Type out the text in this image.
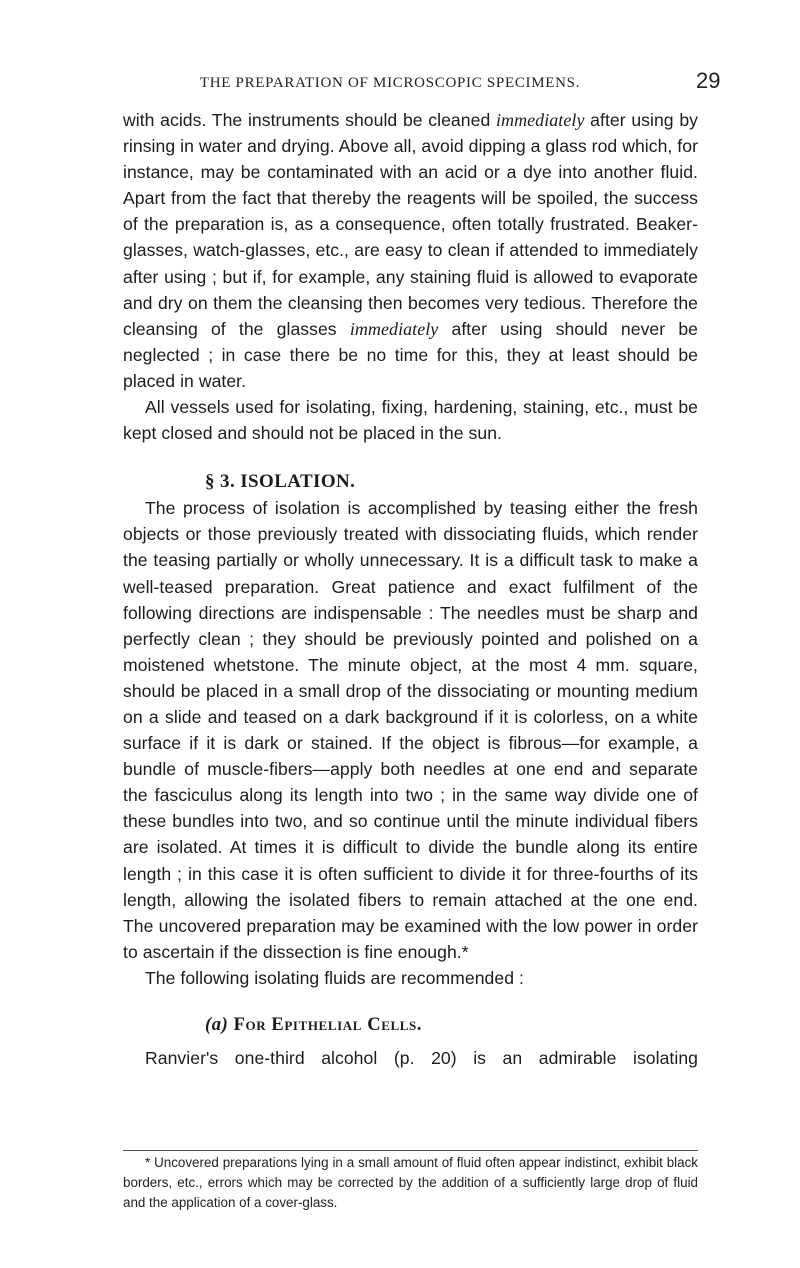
THE PREPARATION OF MICROSCOPIC SPECIMENS.	29

with acids. The instruments should be cleaned immediately after using by rinsing in water and drying. Above all, avoid dipping a glass rod which, for instance, may be contaminated with an acid or a dye into another fluid. Apart from the fact that thereby the reagents will be spoiled, the success of the preparation is, as a consequence, often totally frustrated. Beaker-glasses, watch-glasses, etc., are easy to clean if attended to immediately after using ; but if, for example, any staining fluid is allowed to evaporate and dry on them the cleansing then becomes very tedious. Therefore the cleansing of the glasses immediately after using should never be neglected ; in case there be no time for this, they at least should be placed in water.

All vessels used for isolating, fixing, hardening, staining, etc., must be kept closed and should not be placed in the sun.

§ 3. ISOLATION.

The process of isolation is accomplished by teasing either the fresh objects or those previously treated with dissociating fluids, which render the teasing partially or wholly unnecessary. It is a difficult task to make a well-teased preparation. Great patience and exact fulfilment of the following directions are indispensable : The needles must be sharp and perfectly clean ; they should be previously pointed and polished on a moistened whetstone. The minute object, at the most 4 mm. square, should be placed in a small drop of the dissociating or mounting medium on a slide and teased on a dark background if it is colorless, on a white surface if it is dark or stained. If the object is fibrous—for example, a bundle of muscle-fibers—apply both needles at one end and separate the fasciculus along its length into two ; in the same way divide one of these bundles into two, and so continue until the minute individual fibers are isolated. At times it is difficult to divide the bundle along its entire length ; in this case it is often sufficient to divide it for three-fourths of its length, allowing the isolated fibers to remain attached at the one end. The uncovered preparation may be examined with the low power in order to ascertain if the dissection is fine enough.*

The following isolating fluids are recommended :

(a) For Epithelial Cells.

Ranvier's one-third alcohol (p. 20) is an admirable isolating

* Uncovered preparations lying in a small amount of fluid often appear indistinct, exhibit black borders, etc., errors which may be corrected by the addition of a sufficiently large drop of fluid and the application of a cover-glass.
